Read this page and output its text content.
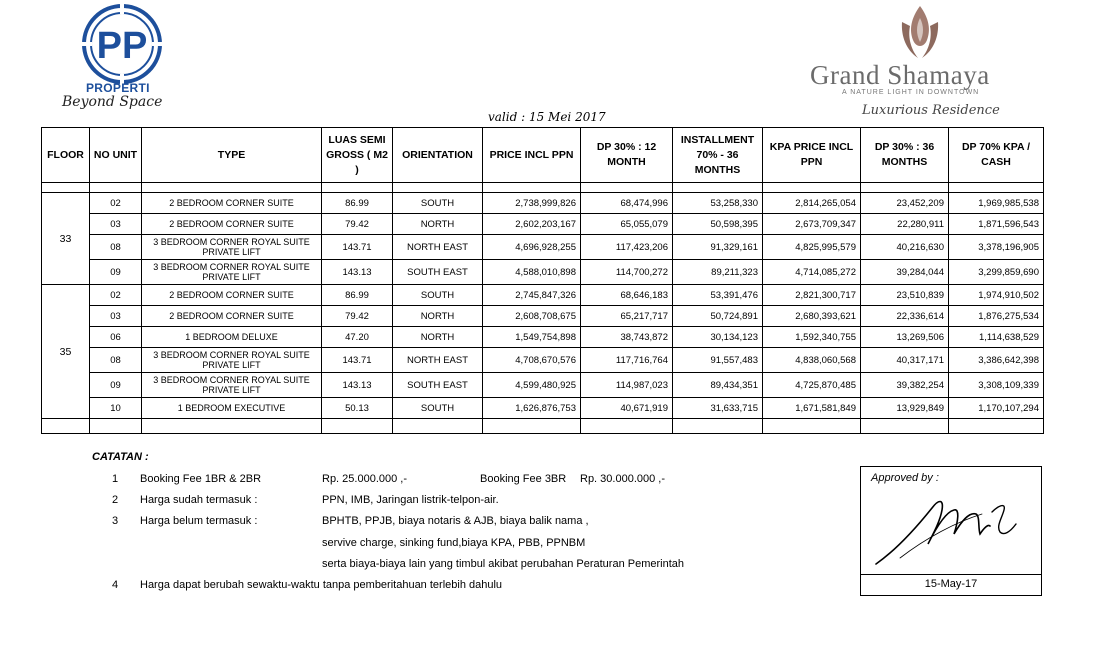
PP
PROPERTI
Beyond Space
Grand Shamaya
A NATURE LIGHT IN DOWNTOWN
Luxurious Residence
valid : 15 Mei 2017
FLOOR	NO UNIT	TYPE	LUAS SEMI GROSS ( M2 )	ORIENTATION	PRICE INCL PPN	DP 30% : 12 MONTH	INSTALLMENT 70% - 36 MONTHS	KPA PRICE INCL PPN	DP 30% : 36 MONTHS	DP 70% KPA / CASH

33	02	2 BEDROOM CORNER SUITE	86.99	SOUTH	2,738,999,826	68,474,996	53,258,330	2,814,265,054	23,452,209	1,969,985,538
	03	2 BEDROOM CORNER SUITE	79.42	NORTH	2,602,203,167	65,055,079	50,598,395	2,673,709,347	22,280,911	1,871,596,543
	08	3 BEDROOM CORNER ROYAL SUITE PRIVATE LIFT	143.71	NORTH EAST	4,696,928,255	117,423,206	91,329,161	4,825,995,579	40,216,630	3,378,196,905
	09	3 BEDROOM CORNER ROYAL SUITE PRIVATE LIFT	143.13	SOUTH EAST	4,588,010,898	114,700,272	89,211,323	4,714,085,272	39,284,044	3,299,859,690
35	02	2 BEDROOM CORNER SUITE	86.99	SOUTH	2,745,847,326	68,646,183	53,391,476	2,821,300,717	23,510,839	1,974,910,502
	03	2 BEDROOM CORNER SUITE	79.42	NORTH	2,608,708,675	65,217,717	50,724,891	2,680,393,621	22,336,614	1,876,275,534
	06	1 BEDROOM DELUXE	47.20	NORTH	1,549,754,898	38,743,872	30,134,123	1,592,340,755	13,269,506	1,114,638,529
	08	3 BEDROOM CORNER ROYAL SUITE PRIVATE LIFT	143.71	NORTH EAST	4,708,670,576	117,716,764	91,557,483	4,838,060,568	40,317,171	3,386,642,398
	09	3 BEDROOM CORNER ROYAL SUITE PRIVATE LIFT	143.13	SOUTH EAST	4,599,480,925	114,987,023	89,434,351	4,725,870,485	39,382,254	3,308,109,339
	10	1 BEDROOM EXECUTIVE	50.13	SOUTH	1,626,876,753	40,671,919	31,633,715	1,671,581,849	13,929,849	1,170,107,294

CATATAN :
1 Booking Fee 1BR & 2BR	Rp. 25.000.000 ,-	Booking Fee 3BR Rp. 30.000.000 ,-
2 Harga sudah termasuk :	PPN, IMB, Jaringan listrik-telpon-air.
3 Harga belum termasuk :	BPHTB, PPJB, biaya notaris & AJB, biaya balik nama ,
servive charge, sinking fund,biaya KPA, PBB, PPNBM
serta biaya-biaya lain yang timbul akibat perubahan Peraturan Pemerintah
4 Harga dapat berubah sewaktu-waktu tanpa pemberitahuan terlebih dahulu
Approved by :
15-May-17
